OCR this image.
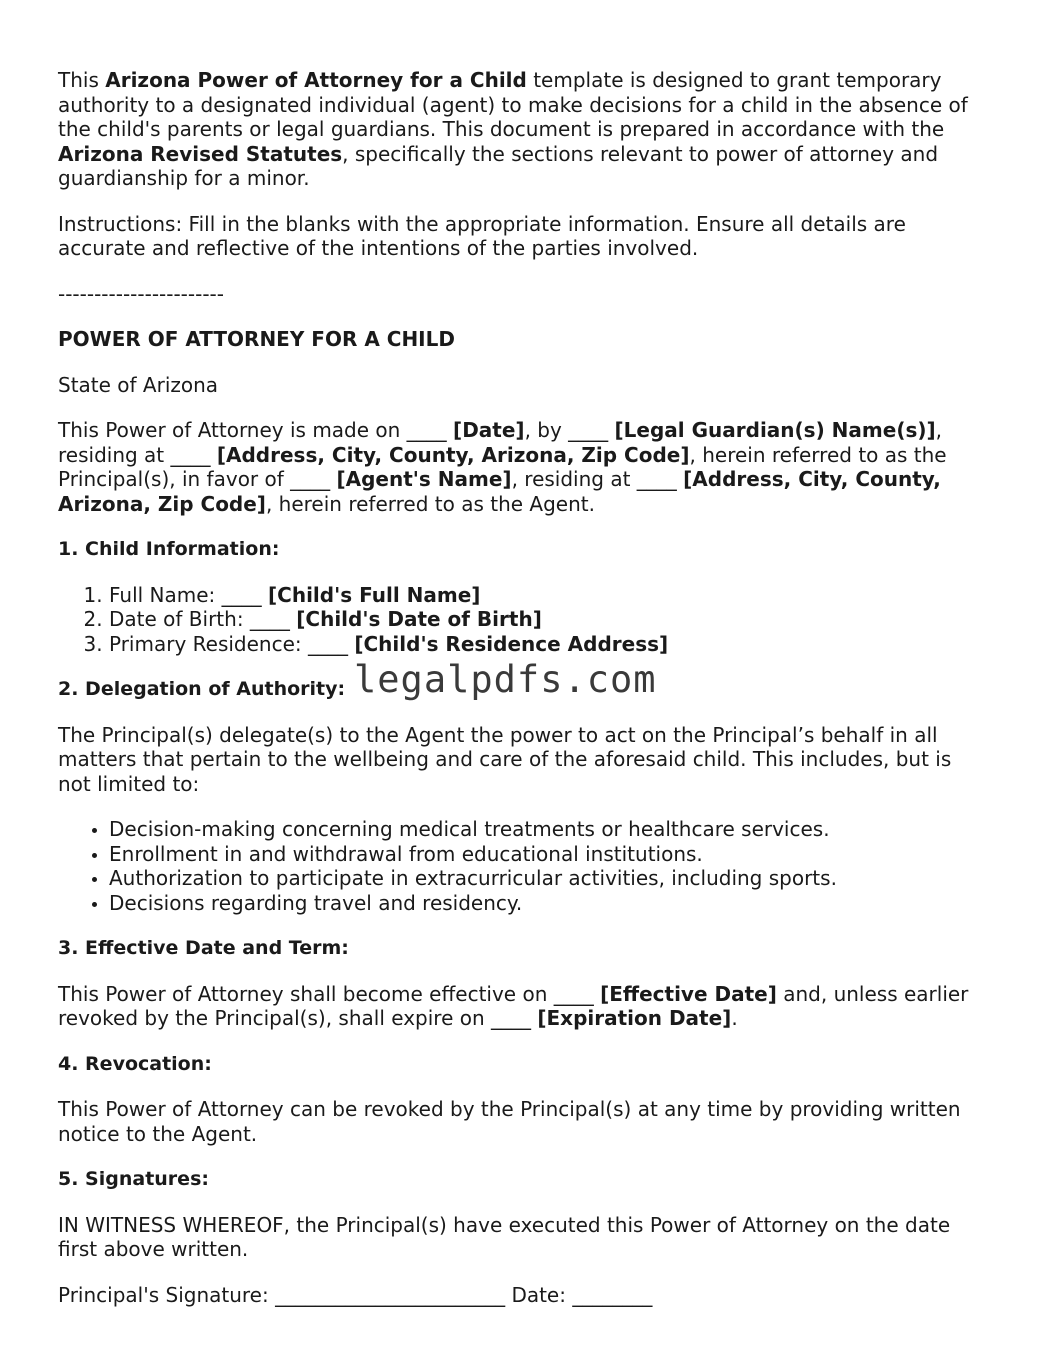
This Arizona Power of Attorney for a Child template is designed to grant temporary authority to a designated individual (agent) to make decisions for a child in the absence of the child's parents or legal guardians. This document is prepared in accordance with the Arizona Revised Statutes, specifically the sections relevant to power of attorney and guardianship for a minor.

Instructions: Fill in the blanks with the appropriate information. Ensure all details are accurate and reflective of the intentions of the parties involved.

-----------------------

POWER OF ATTORNEY FOR A CHILD

State of Arizona

This Power of Attorney is made on ____ [Date], by ____ [Legal Guardian(s) Name(s)], residing at ____ [Address, City, County, Arizona, Zip Code], herein referred to as the Principal(s), in favor of ____ [Agent's Name], residing at ____ [Address, City, County, Arizona, Zip Code], herein referred to as the Agent.

1. Child Information:

1. Full Name: ____ [Child's Full Name]
2. Date of Birth: ____ [Child's Date of Birth]
3. Primary Residence: ____ [Child's Residence Address]

2. Delegation of Authority:

The Principal(s) delegate(s) to the Agent the power to act on the Principal’s behalf in all matters that pertain to the wellbeing and care of the aforesaid child. This includes, but is not limited to:

• Decision-making concerning medical treatments or healthcare services.
• Enrollment in and withdrawal from educational institutions.
• Authorization to participate in extracurricular activities, including sports.
• Decisions regarding travel and residency.

3. Effective Date and Term:

This Power of Attorney shall become effective on ____ [Effective Date] and, unless earlier revoked by the Principal(s), shall expire on ____ [Expiration Date].

4. Revocation:

This Power of Attorney can be revoked by the Principal(s) at any time by providing written notice to the Agent.

5. Signatures:

IN WITNESS WHEREOF, the Principal(s) have executed this Power of Attorney on the date first above written.

Principal's Signature: _______________________ Date: ________

legalpdfs.com
